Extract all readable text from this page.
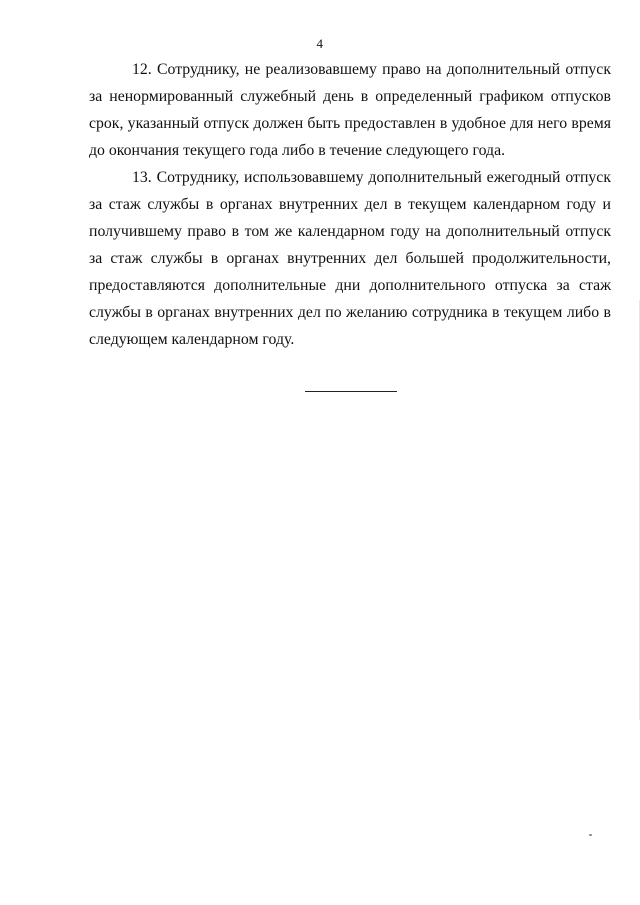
4

12. Сотруднику, не реализовавшему право на дополнительный отпуск за ненормированный служебный день в определенный графиком отпусков срок, указанный отпуск должен быть предоставлен в удобное для него время до окончания текущего года либо в течение следующего года.

13. Сотруднику, использовавшему дополнительный ежегодный отпуск за стаж службы в органах внутренних дел в текущем календарном году и получившему право в том же календарном году на дополнительный отпуск за стаж службы в органах внутренних дел большей продолжительности, предоставляются дополнительные дни дополнительного отпуска за стаж службы в органах внутренних дел по желанию сотрудника в текущем либо в следующем календарном году.
